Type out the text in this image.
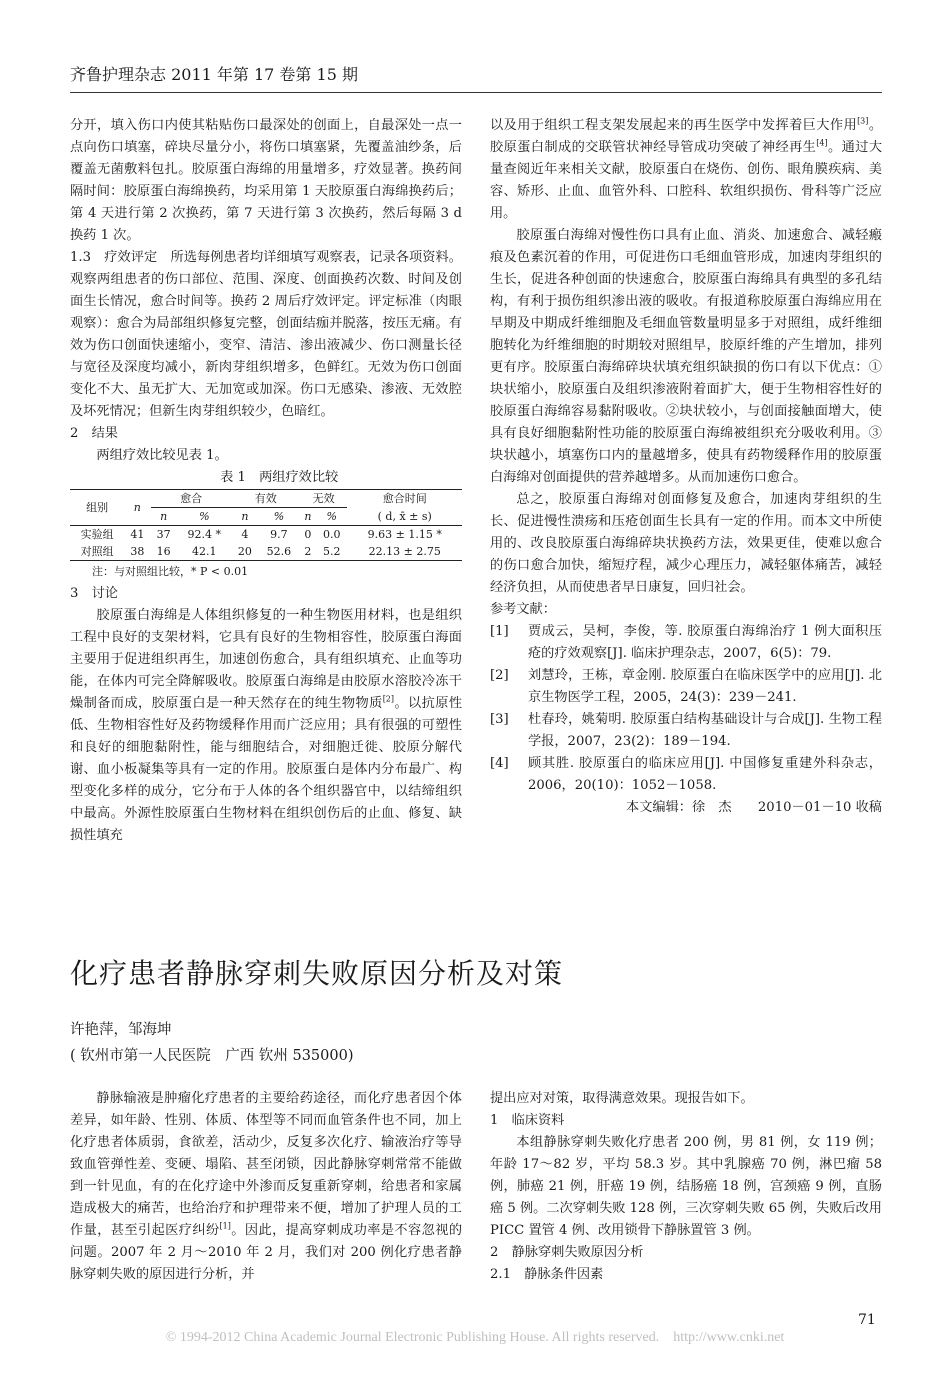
齐鲁护理杂志 2011 年第 17 卷第 15 期

分开，填入伤口内使其粘贴伤口最深处的创面上，自最深处一点一点向伤口填塞，碎块尽量分小，将伤口填塞紧，先覆盖油纱条，后覆盖无菌敷料包扎。胶原蛋白海绵的用量增多，疗效显著。换药间隔时间：胶原蛋白海绵换药，均采用第 1 天胶原蛋白海绵换药后；第 4 天进行第 2 次换药，第 7 天进行第 3 次换药，然后每隔 3 d 换药 1 次。

1.3　疗效评定　所选每例患者均详细填写观察表，记录各项资料。观察两组患者的伤口部位、范围、深度、创面换药次数、时间及创面生长情况，愈合时间等。换药 2 周后疗效评定。评定标准（肉眼观察）：愈合为局部组织修复完整，创面结痂并脱落，按压无痛。有效为伤口创面快速缩小，变窄、清洁、渗出液减少、伤口测量长径与宽径及深度均减小，新肉芽组织增多，色鲜红。无效为伤口创面变化不大、虽无扩大、无加宽或加深。伤口无感染、渗液、无效腔及坏死情况；但新生肉芽组织较少，色暗红。

2　结果

两组疗效比较见表 1。

表 1　两组疗效比较

组别	n	愈合		有效		无效		愈合时间
		n	%	n	%	n	%	( d, x̄ ± s)
实验组	41	37	92.4 *	4	9.7	0	0.0	9.63 ± 1.15 *
对照组	38	16	42.1	20	52.6	2	5.2	22.13 ± 2.75

注：与对照组比较，* P < 0.01

3　讨论

胶原蛋白海绵是人体组织修复的一种生物医用材料，也是组织工程中良好的支架材料，它具有良好的生物相容性，胶原蛋白海面主要用于促进组织再生，加速创伤愈合，具有组织填充、止血等功能，在体内可完全降解吸收。胶原蛋白海绵是由胶原水溶胶冷冻干燥制备而成，胶原蛋白是一种天然存在的纯生物物质[2]。以抗原性低、生物相容性好及药物缓释作用而广泛应用；具有很强的可塑性和良好的细胞黏附性，能与细胞结合，对细胞迁徙、胶原分解代谢、血小板凝集等具有一定的作用。胶原蛋白是体内分布最广、构型变化多样的成分，它分布于人体的各个组织器官中，以结缔组织中最高。外源性胶原蛋白生物材料在组织创伤后的止血、修复、缺损性填充

以及用于组织工程支架发展起来的再生医学中发挥着巨大作用[3]。胶原蛋白制成的交联管状神经导管成功突破了神经再生[4]。通过大量查阅近年来相关文献，胶原蛋白在烧伤、创伤、眼角膜疾病、美容、矫形、止血、血管外科、口腔科、软组织损伤、骨科等广泛应用。

胶原蛋白海绵对慢性伤口具有止血、消炎、加速愈合、减轻瘢痕及色素沉着的作用，可促进伤口毛细血管形成，加速肉芽组织的生长，促进各种创面的快速愈合，胶原蛋白海绵具有典型的多孔结构，有利于损伤组织渗出液的吸收。有报道称胶原蛋白海绵应用在早期及中期成纤维细胞及毛细血管数量明显多于对照组，成纤维细胞转化为纤维细胞的时期较对照组早，胶原纤维的产生增加，排列更有序。胶原蛋白海绵碎块状填充组织缺损的伤口有以下优点：①块状缩小，胶原蛋白及组织渗液附着面扩大，便于生物相容性好的胶原蛋白海绵容易黏附吸收。②块状较小，与创面接触面增大，使具有良好细胞黏附性功能的胶原蛋白海绵被组织充分吸收利用。③块状越小，填塞伤口内的量越增多，使具有药物缓释作用的胶原蛋白海绵对创面提供的营养越增多。从而加速伤口愈合。

总之，胶原蛋白海绵对创面修复及愈合，加速肉芽组织的生长、促进慢性溃疡和压疮创面生长具有一定的作用。而本文中所使用的、改良胶原蛋白海绵碎块状换药方法，效果更佳，使难以愈合的伤口愈合加快，缩短疗程，减少心理压力，减轻躯体痛苦，减轻经济负担，从而使患者早日康复，回归社会。

参考文献：

[1]	贾成云，吴柯，李俊，等. 胶原蛋白海绵治疗 1 例大面积压疮的疗效观察[J]. 临床护理杂志，2007，6(5)：79.
[2]	刘慧玲，王栋，章金刚. 胶原蛋白在临床医学中的应用[J]. 北京生物医学工程，2005，24(3)：239－241.
[3]	杜春玲，姚菊明. 胶原蛋白结构基础设计与合成[J]. 生物工程学报，2007，23(2)：189－194.
[4]	顾其胜. 胶原蛋白的临床应用[J]. 中国修复重建外科杂志，2006，20(10)：1052－1058.

本文编辑：徐　杰　　2010－01－10 收稿

化疗患者静脉穿刺失败原因分析及对策
许艳萍，邹海坤
( 钦州市第一人民医院　广西 钦州 535000)

静脉输液是肿瘤化疗患者的主要给药途径，而化疗患者因个体差异，如年龄、性别、体质、体型等不同而血管条件也不同，加上化疗患者体质弱，食欲差，活动少，反复多次化疗、输液治疗等导致血管弹性差、变硬、塌陷、甚至闭锁，因此静脉穿刺常常不能做到一针见血，有的在化疗途中外渗而反复重新穿刺，给患者和家属造成极大的痛苦，也给治疗和护理带来不便，增加了护理人员的工作量，甚至引起医疗纠纷[1]。因此，提高穿刺成功率是不容忽视的问题。2007 年 2 月～2010 年 2 月，我们对 200 例化疗患者静脉穿刺失败的原因进行分析，并

提出应对对策，取得满意效果。现报告如下。

1　临床资料

本组静脉穿刺失败化疗患者 200 例，男 81 例，女 119 例；年龄 17～82 岁，平均 58.3 岁。其中乳腺癌 70 例，淋巴瘤 58 例，肺癌 21 例，肝癌 19 例，结肠癌 18 例，宫颈癌 9 例，直肠癌 5 例。二次穿刺失败 128 例，三次穿刺失败 65 例，失败后改用 PICC 置管 4 例、改用锁骨下静脉置管 3 例。

2　静脉穿刺失败原因分析

2.1　静脉条件因素

© 1994-2012 China Academic Journal Electronic Publishing House. All rights reserved.　http://www.cnki.net
71
